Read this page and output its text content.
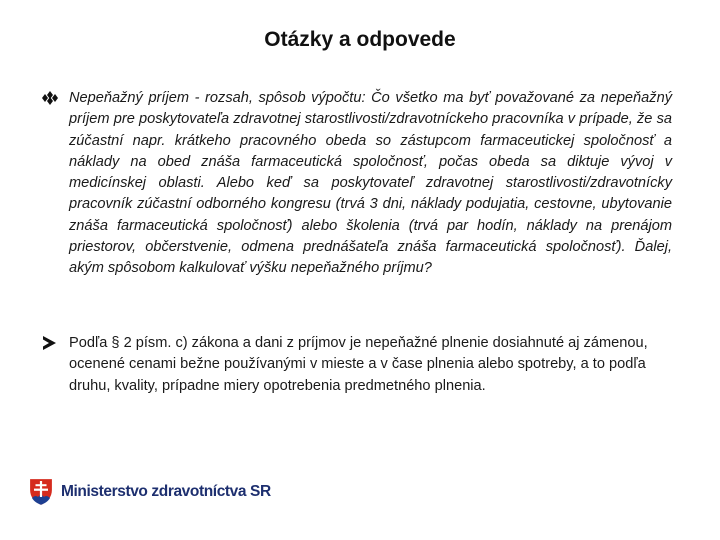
Otázky a odpovede
Nepeňažný príjem - rozsah, spôsob výpočtu: Čo všetko ma byť považované za nepeňažný príjem pre poskytovateľa zdravotnej starostlivosti/zdravotníckeho pracovníka v prípade, že sa zúčastní napr. krátkeho pracovného obeda so zástupcom farmaceutickej spoločnosť a náklady na obed znáša farmaceutická spoločnosť, počas obeda sa diktuje vývoj v medicínskej oblasti. Alebo keď sa poskytovateľ zdravotnej starostlivosti/zdravotnícky pracovník zúčastní odborného kongresu (trvá 3 dni, náklady podujatia, cestovne, ubytovanie znáša farmaceutická spoločnosť) alebo školenia (trvá par hodín, náklady na prenájom priestorov, občerstvenie, odmena prednášateľa znáša farmaceutická spoločnosť). Ďalej, akým spôsobom kalkulovať výšku nepeňažného príjmu?
Podľa § 2 písm. c) zákona a dani z príjmov je nepeňažné plnenie dosiahnuté aj zámenou, ocenené cenami bežne používanými v mieste a v čase plnenia alebo spotreby, a to podľa druhu, kvality, prípadne miery opotrebenia predmetného plnenia.
Ministerstvo zdravotníctva SR
